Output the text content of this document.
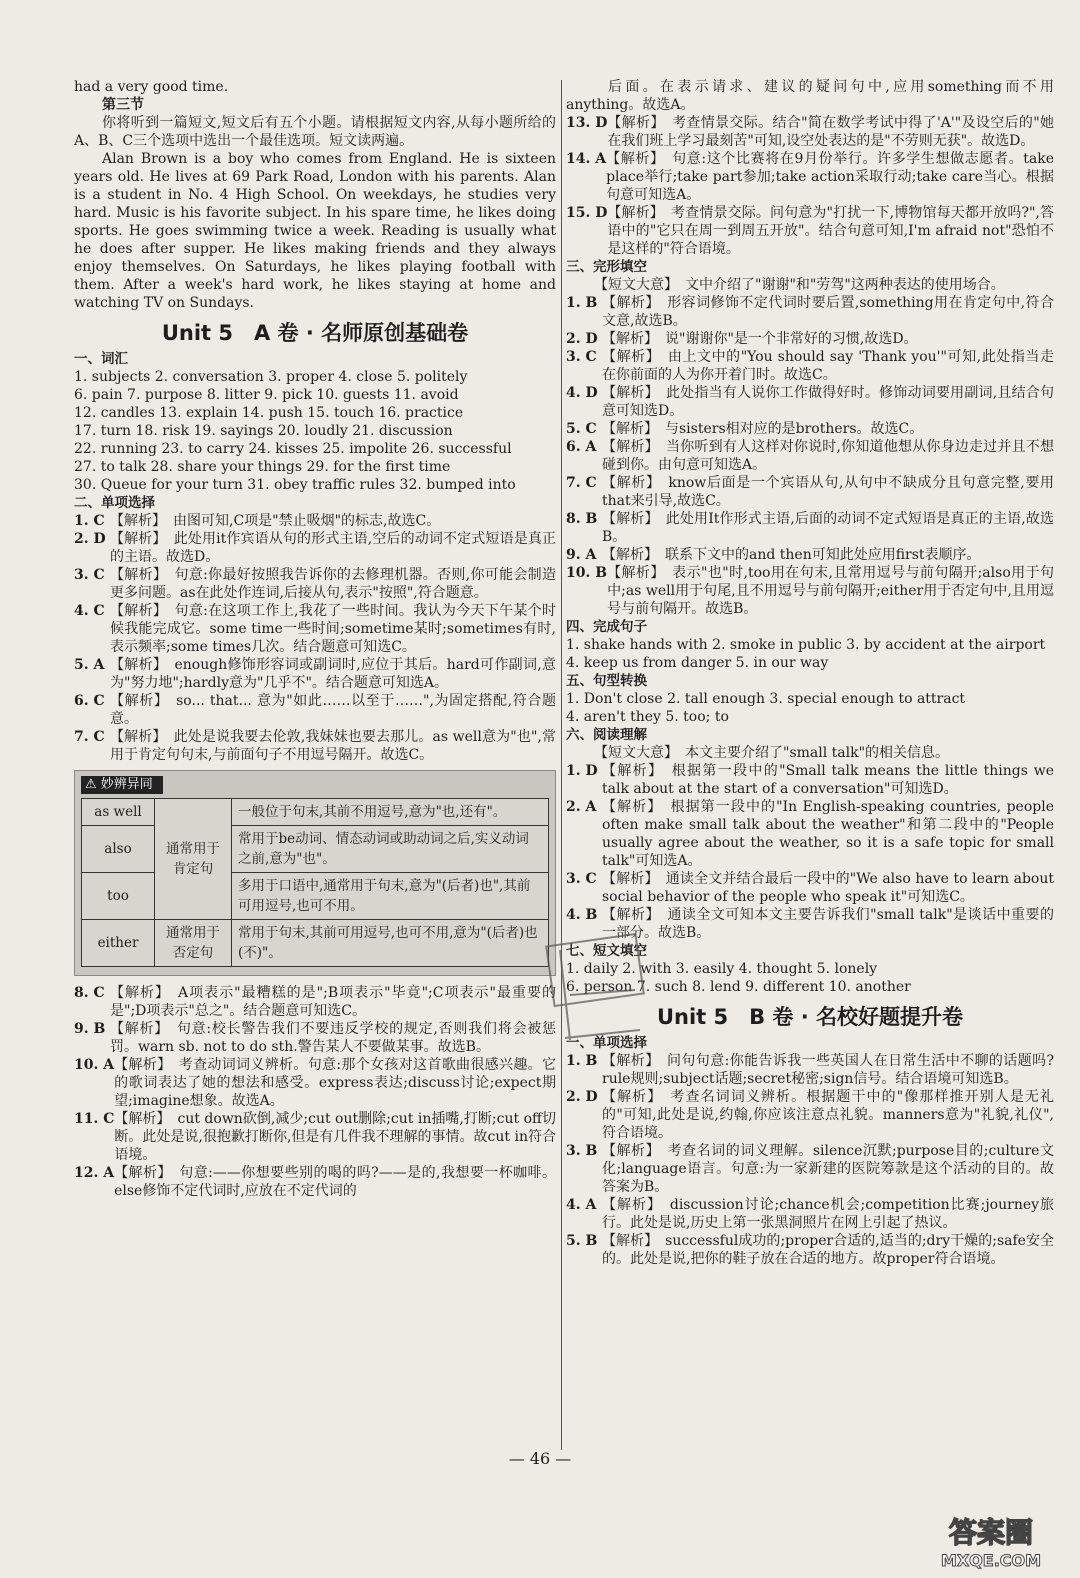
had a very good time.

第三节

你将听到一篇短文,短文后有五个小题。请根据短文内容,从每小题所给的A、B、C三个选项中选出一个最佳选项。短文读两遍。

Alan Brown is a boy who comes from England. He is sixteen years old. He lives at 69 Park Road, London with his parents. Alan is a student in No. 4 High School. On weekdays, he studies very hard. Music is his favorite subject. In his spare time, he likes doing sports. He goes swimming twice a week. Reading is usually what he does after supper. He likes making friends and they always enjoy themselves. On Saturdays, he likes playing football with them. After a week's hard work, he likes staying at home and watching TV on Sundays.

Unit 5　A 卷 · 名师原创基础卷

一、词汇

1. subjects 2. conversation 3. proper 4. close 5. politely

6. pain 7. purpose 8. litter 9. pick 10. guests 11. avoid

12. candles 13. explain 14. push 15. touch 16. practice

17. turn 18. risk 19. sayings 20. loudly 21. discussion

22. running 23. to carry 24. kisses 25. impolite 26. successful

27. to talk 28. share your things 29. for the first time

30. Queue for your turn 31. obey traffic rules 32. bumped into

二、单项选择

1. C 【解析】　由图可知,C项是"禁止吸烟"的标志,故选C。
2. D 【解析】　此处用it作宾语从句的形式主语,空后的动词不定式短语是真正的主语。故选D。
3. C 【解析】　句意:你最好按照我告诉你的去修理机器。否则,你可能会制造更多问题。as在此处作连词,后接从句,表示"按照",符合题意。
4. C 【解析】　句意:在这项工作上,我花了一些时间。我认为今天下午某个时候我能完成它。some time一些时间;sometime某时;sometimes有时,表示频率;some times几次。结合题意可知选C。
5. A 【解析】　enough修饰形容词或副词时,应位于其后。hard可作副词,意为"努力地";hardly意为"几乎不"。结合题意可知选A。
6. C 【解析】　so... that... 意为"如此……以至于……",为固定搭配,符合题意。
7. C 【解析】　此处是说我要去伦敦,我妹妹也要去那儿。as well意为"也",常用于肯定句句末,与前面句子不用逗号隔开。故选C。
⚠ 妙辨异同
as well	通常用于肯定句	一般位于句末,其前不用逗号,意为"也,还有"。
also		常用于be动词、情态动词或助动词之后,实义动词之前,意为"也"。
too		多用于口语中,通常用于句末,意为"(后者)也",其前可用逗号,也可不用。
either	通常用于否定句	常用于句末,其前可用逗号,也可不用,意为"(后者)也(不)"。
8. C 【解析】　A项表示"最糟糕的是";B项表示"毕竟";C项表示"最重要的是";D项表示"总之"。结合题意可知选C。
9. B 【解析】　句意:校长警告我们不要违反学校的规定,否则我们将会被惩罚。warn sb. not to do sth.警告某人不要做某事。故选B。
10. A 【解析】　考查动词词义辨析。句意:那个女孩对这首歌曲很感兴趣。它的歌词表达了她的想法和感受。express表达;discuss讨论;expect期望;imagine想象。故选A。
11. C 【解析】　cut down砍倒,减少;cut out删除;cut in插嘴,打断;cut off切断。此处是说,很抱歉打断你,但是有几件我不理解的事情。故cut in符合语境。
12. A 【解析】　句意:——你想要些别的喝的吗?——是的,我想要一杯咖啡。else修饰不定代词时,应放在不定代词的

后面。在表示请求、建议的疑问句中,应用something而不用anything。故选A。

13. D 【解析】　考查情景交际。结合"简在数学考试中得了'A'"及设空后的"她在我们班上学习最刻苦"可知,设空处表达的是"不劳则无获"。故选D。
14. A 【解析】　句意:这个比赛将在9月份举行。许多学生想做志愿者。take place举行;take part参加;take action采取行动;take care当心。根据句意可知选A。
15. D 【解析】　考查情景交际。问句意为"打扰一下,博物馆每天都开放吗?",答语中的"它只在周一到周五开放"。结合句意可知,I'm afraid not"恐怕不是这样的"符合语境。

三、完形填空

【短文大意】　文中介绍了"谢谢"和"劳驾"这两种表达的使用场合。

1. B 【解析】　形容词修饰不定代词时要后置,something用在肯定句中,符合文意,故选B。
2. D 【解析】　说"谢谢你"是一个非常好的习惯,故选D。
3. C 【解析】　由上文中的"You should say 'Thank you'"可知,此处指当走在你前面的人为你开着门时。故选C。
4. D 【解析】　此处指当有人说你工作做得好时。修饰动词要用副词,且结合句意可知选D。
5. C 【解析】　与sisters相对应的是brothers。故选C。
6. A 【解析】　当你听到有人这样对你说时,你知道他想从你身边走过并且不想碰到你。由句意可知选A。
7. C 【解析】　know后面是一个宾语从句,从句中不缺成分且句意完整,要用that来引导,故选C。
8. B 【解析】　此处用It作形式主语,后面的动词不定式短语是真正的主语,故选B。
9. A 【解析】　联系下文中的and then可知此处应用first表顺序。
10. B 【解析】　表示"也"时,too用在句末,且常用逗号与前句隔开;also用于句中;as well用于句尾,且不用逗号与前句隔开;either用于否定句中,且用逗号与前句隔开。故选B。

四、完成句子

1. shake hands with 2. smoke in public 3. by accident at the airport

4. keep us from danger 5. in our way

五、句型转换

1. Don't close 2. tall enough 3. special enough to attract

4. aren't they 5. too; to

六、阅读理解

【短文大意】　本文主要介绍了"small talk"的相关信息。

1. D 【解析】　根据第一段中的"Small talk means the little things we talk about at the start of a conversation"可知选D。
2. A 【解析】　根据第一段中的"In English-speaking countries, people often make small talk about the weather"和第二段中的"People usually agree about the weather, so it is a safe topic for small talk"可知选A。
3. C 【解析】　通读全文并结合最后一段中的"We also have to learn about social behavior of the people who speak it"可知选C。
4. B 【解析】　通读全文可知本文主要告诉我们"small talk"是谈话中重要的一部分。故选B。

七、短文填空

1. daily 2. with 3. easily 4. thought 5. lonely

6. person 7. such 8. lend 9. different 10. another

Unit 5　B 卷 · 名校好题提升卷

一、单项选择

1. B 【解析】　问句句意:你能告诉我一些英国人在日常生活中不聊的话题吗?rule规则;subject话题;secret秘密;sign信号。结合语境可知选B。
2. D 【解析】　考查名词词义辨析。根据题干中的"像那样推开别人是无礼的"可知,此处是说,约翰,你应该注意点礼貌。manners意为"礼貌,礼仪",符合语境。
3. B 【解析】　考查名词的词义理解。silence沉默;purpose目的;culture文化;language语言。句意:为一家新建的医院筹款是这个活动的目的。故答案为B。
4. A 【解析】　discussion讨论;chance机会;competition比赛;journey旅行。此处是说,历史上第一张黑洞照片在网上引起了热议。
5. B 【解析】　successful成功的;proper合适的,适当的;dry干燥的;safe安全的。此处是说,把你的鞋子放在合适的地方。故proper符合语境。
— 46 —
答案圈
MXQE.COM
